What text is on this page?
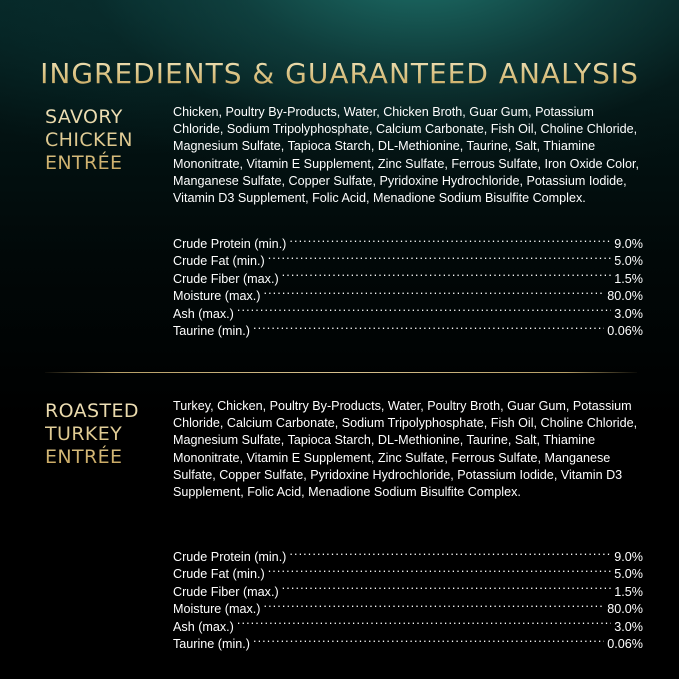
INGREDIENTS & GUARANTEED ANALYSIS
SAVORY CHICKEN ENTRÉE
Chicken, Poultry By-Products, Water, Chicken Broth, Guar Gum, Potassium Chloride, Sodium Tripolyphosphate, Calcium Carbonate, Fish Oil, Choline Chloride, Magnesium Sulfate, Tapioca Starch, DL-Methionine, Taurine, Salt, Thiamine Mononitrate, Vitamin E Supplement, Zinc Sulfate, Ferrous Sulfate, Iron Oxide Color, Manganese Sulfate, Copper Sulfate, Pyridoxine Hydrochloride, Potassium Iodide, Vitamin D3 Supplement, Folic Acid, Menadione Sodium Bisulfite Complex.
Crude Protein (min.) .....	9.0%
Crude Fat (min.) .....	5.0%
Crude Fiber (max.) .....	1.5%
Moisture (max.) .....	80.0%
Ash (max.) .....	3.0%
Taurine (min.) .....	0.06%
ROASTED TURKEY ENTRÉE
Turkey, Chicken, Poultry By-Products, Water, Poultry Broth, Guar Gum, Potassium Chloride, Calcium Carbonate, Sodium Tripolyphosphate, Fish Oil, Choline Chloride, Magnesium Sulfate, Tapioca Starch, DL-Methionine, Taurine, Salt, Thiamine Mononitrate, Vitamin E Supplement, Zinc Sulfate, Ferrous Sulfate, Manganese Sulfate, Copper Sulfate, Pyridoxine Hydrochloride, Potassium Iodide, Vitamin D3 Supplement, Folic Acid, Menadione Sodium Bisulfite Complex.
Crude Protein (min.) .....	9.0%
Crude Fat (min.) .....	5.0%
Crude Fiber (max.) .....	1.5%
Moisture (max.) .....	80.0%
Ash (max.) .....	3.0%
Taurine (min.) .....	0.06%
